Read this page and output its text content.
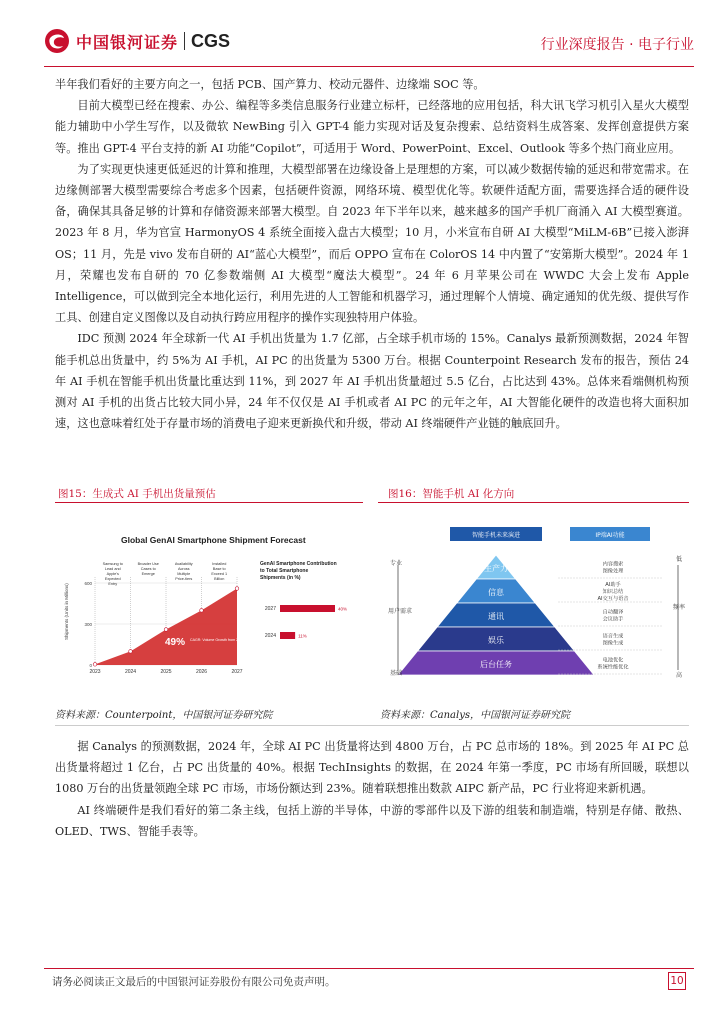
中国银河证券 CGS	行业深度报告 · 电子行业

半年我们看好的主要方向之一，包括 PCB、国产算力、校动元器件、边缘端 SOC 等。

目前大模型已经在搜索、办公、编程等多类信息服务行业建立标杆，已经落地的应用包括，科大讯飞学习机引入星火大模型能力辅助中小学生写作，以及微软 NewBing 引入 GPT-4 能力实现对话及复杂搜索、总结资料生成答案、发挥创意提供方案等。推出 GPT-4 平台支持的新 AI 功能“Copilot”，可适用于 Word、PowerPoint、Excel、Outlook 等多个热门商业应用。

为了实现更快速更低延迟的计算和推理，大模型部署在边缘设备上是理想的方案，可以减少数据传输的延迟和带宽需求。在边缘侧部署大模型需要综合考虑多个因素，包括硬件资源，网络环境、模型优化等。软硬件适配方面，需要选择合适的硬件设备，确保其具备足够的计算和存储资源来部署大模型。自 2023 年下半年以来，越来越多的国产手机厂商涌入 AI 大模型赛道。2023 年 8 月，华为官宣 HarmonyOS 4 系统全面接入盘古大模型；10 月，小米宣布自研 AI 大模型“MiLM-6B”已接入澎湃 OS；11 月，先是 vivo 发布自研的 AI“蓝心大模型”，而后 OPPO 宣布在 ColorOS 14 中内置了“安第斯大模型”。2024 年 1 月，荣耀也发布自研的 70 亿参数端侧 AI 大模型“魔法大模型”。24 年 6 月苹果公司在 WWDC 大会上发布 Apple Intelligence，可以做到完全本地化运行，利用先进的人工智能和机器学习，通过理解个人情境、确定通知的优先级、提供写作工具、创建自定义图像以及自动执行跨应用程序的操作实现独特用户体验。

IDC 预测 2024 年全球新一代 AI 手机出货量为 1.7 亿部，占全球手机市场的 15%。Canalys 最新预测数据，2024 年智能手机总出货量中，约 5%为 AI 手机，AI PC 的出货量为 5300 万台。根据 Counterpoint Research 发布的报告，预估 24 年 AI 手机在智能手机出货量比重达到 11%，到 2027 年 AI 手机出货量超过 5.5 亿台，占比达到 43%。总体来看端侧机构预测对 AI 手机的出货占比较大同小异，24 年不仅仅是 AI 手机或者 AI PC 的元年之年，AI 大智能化硬件的改造也将大面积加速，这也意味着红处于存量市场的消费电子迎来更新换代和升级，带动 AI 终端硬件产业链的触底回升。

图15：生成式 AI 手机出货量预估	图16：智能手机 AI 化方向
Global GenAI Smartphone Shipment Forecast
0
300
600
2023	2024	2025	2026	2027
Samsung to
Lead and
Apple's
Expected
Entry
Broader Use
Cases to
Emerge
Availability
Across
Multiple
Price-tiers
Installed
Base to
Exceed 1
Billion
49% CAGR: Volume Growth from 2023 to 2027
2027	40%
2024	11%
Shipments (Units in Millions)
GenAI Smartphone Contribution
to Total Smartphone
Shipments (in %)
资料来源：Counterpoint，中国银河证券研究院
智能手机未来演进	IP端AI功能
生产力	内容搜索
图像处理
信息
AI助手
知识总结
AI交互与语音
通讯	自动翻译
会议助手
娱乐	语音生成
图像生成
后台任务	电池优化
系统性能优化
专业
用户需求
基础
低
频率
高
资料来源：Canalys，中国银河证券研究院

据 Canalys 的预测数据，2024 年，全球 AI PC 出货量将达到 4800 万台，占 PC 总市场的 18%。到 2025 年 AI PC 总出货量将超过 1 亿台，占 PC 出货量的 40%。根据 TechInsights 的数据，在 2024 年第一季度，PC 市场有所回暖，联想以 1080 万台的出货量领跑全球 PC 市场，市场份额达到 23%。随着联想推出数款 AIPC 新产品，PC 行业将迎来新机遇。

AI 终端硬件是我们看好的第二条主线，包括上游的半导体，中游的零部件以及下游的组装和制造端，特别是存储、散热、OLED、TWS、智能手表等。

请务必阅读正文最后的中国银河证券股份有限公司免责声明。	10
